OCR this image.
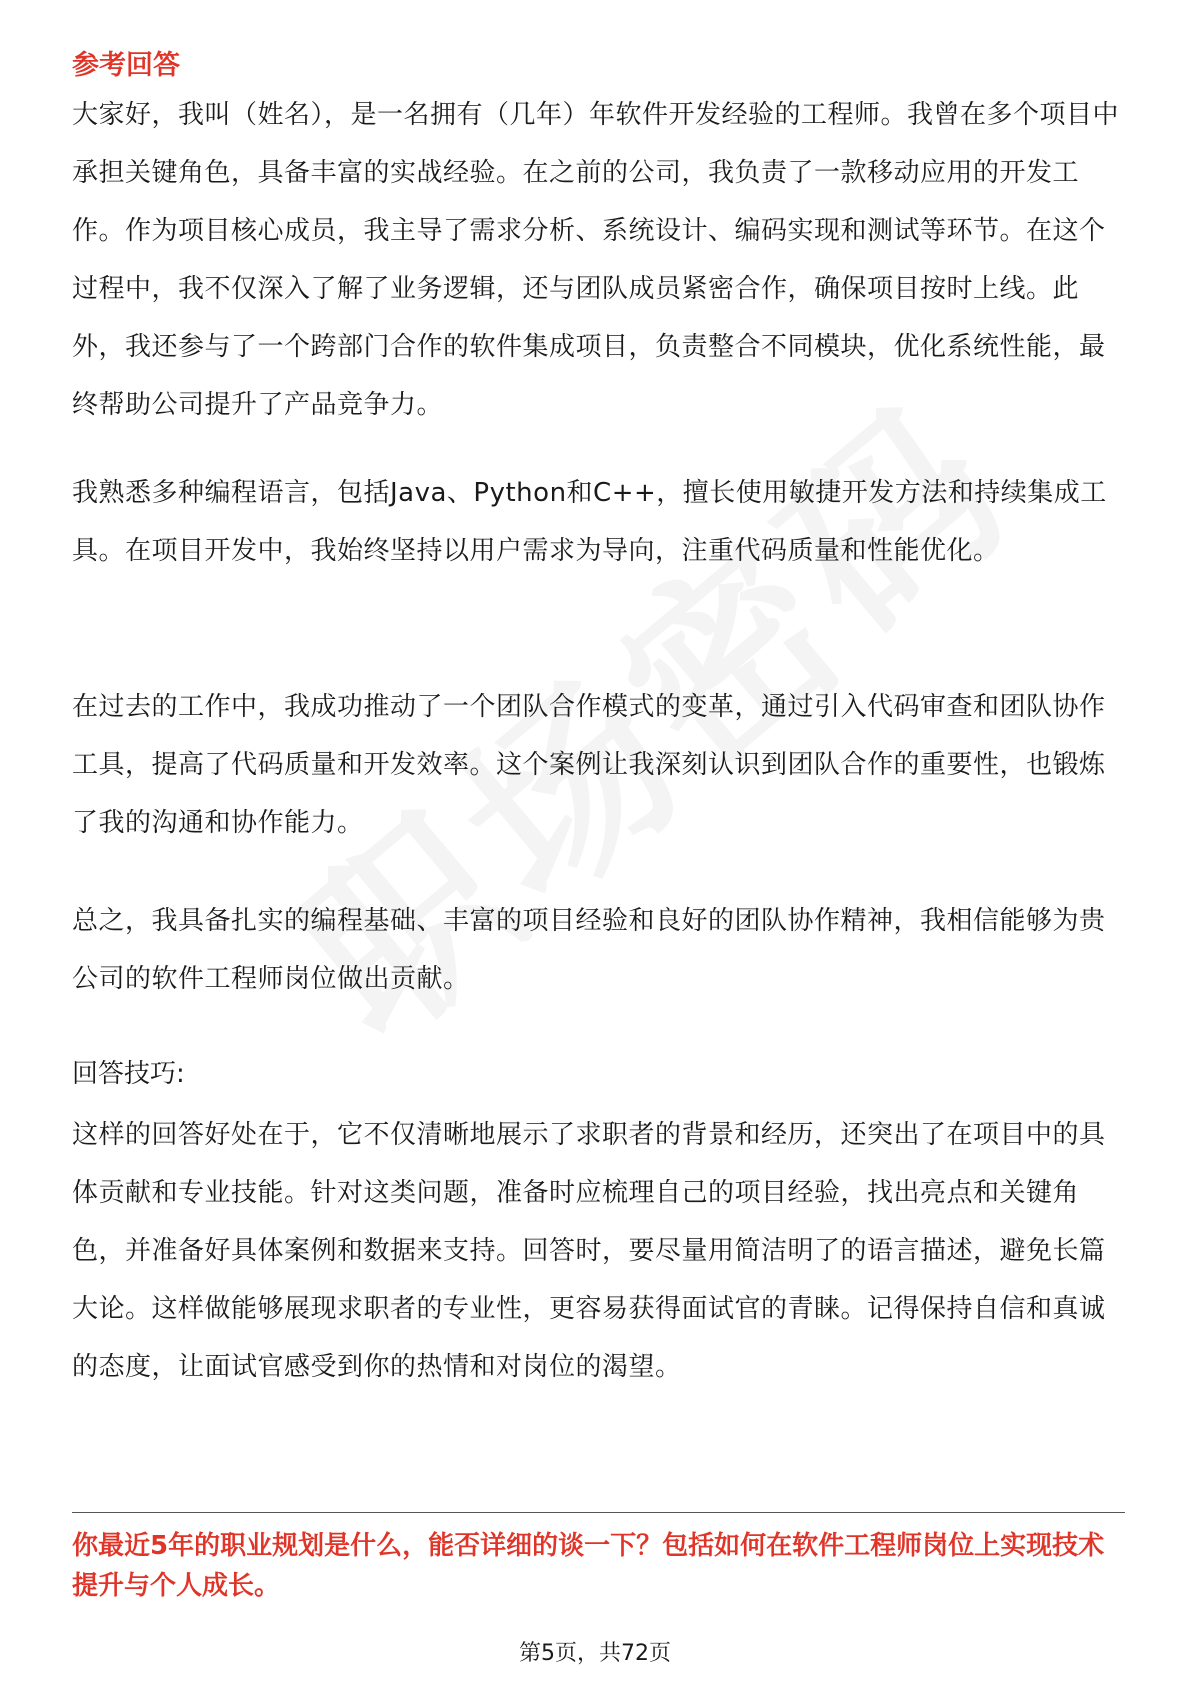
参考回答
大家好，我叫（姓名），是一名拥有（几年）年软件开发经验的工程师。我曾在多个项目中承担关键角色，具备丰富的实战经验。在之前的公司，我负责了一款移动应用的开发工作。作为项目核心成员，我主导了需求分析、系统设计、编码实现和测试等环节。在这个过程中，我不仅深入了解了业务逻辑，还与团队成员紧密合作，确保项目按时上线。此外，我还参与了一个跨部门合作的软件集成项目，负责整合不同模块，优化系统性能，最终帮助公司提升了产品竞争力。
我熟悉多种编程语言，包括Java、Python和C++，擅长使用敏捷开发方法和持续集成工具。在项目开发中，我始终坚持以用户需求为导向，注重代码质量和性能优化。
在过去的工作中，我成功推动了一个团队合作模式的变革，通过引入代码审查和团队协作工具，提高了代码质量和开发效率。这个案例让我深刻认识到团队合作的重要性，也锻炼了我的沟通和协作能力。
总之，我具备扎实的编程基础、丰富的项目经验和良好的团队协作精神，我相信能够为贵公司的软件工程师岗位做出贡献。
回答技巧:
这样的回答好处在于，它不仅清晰地展示了求职者的背景和经历，还突出了在项目中的具体贡献和专业技能。针对这类问题，准备时应梳理自己的项目经验，找出亮点和关键角色，并准备好具体案例和数据来支持。回答时，要尽量用简洁明了的语言描述，避免长篇大论。这样做能够展现求职者的专业性，更容易获得面试官的青睐。记得保持自信和真诚的态度，让面试官感受到你的热情和对岗位的渴望。
你最近5年的职业规划是什么，能否详细的谈一下？包括如何在软件工程师岗位上实现技术提升与个人成长。
第5页，共72页
